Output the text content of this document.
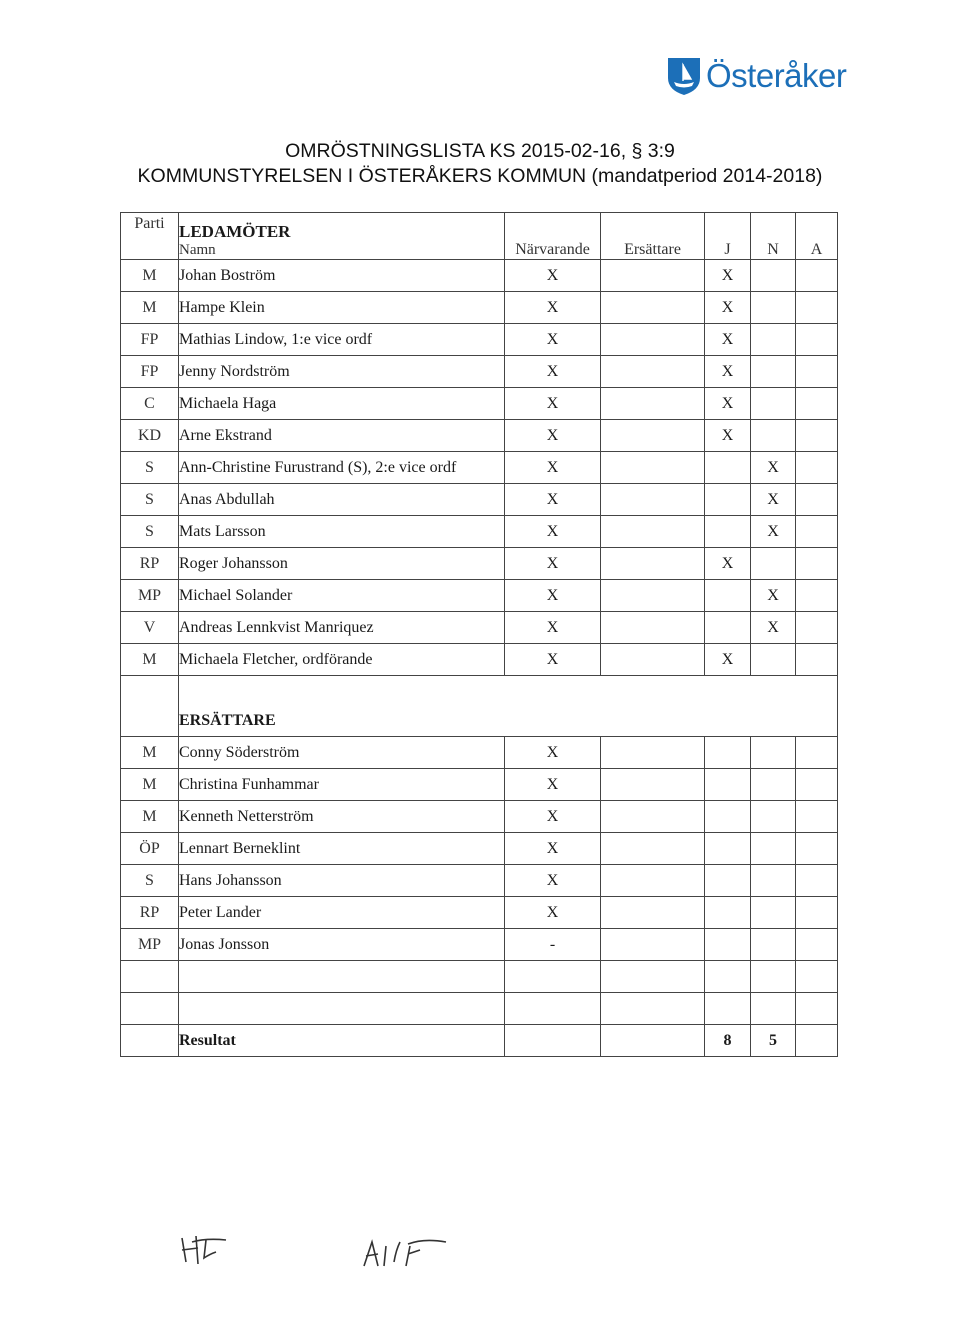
Österåker
OMRÖSTNINGSLISTA KS 2015-02-16, § 3:9
KOMMUNSTYRELSEN I ÖSTERÅKERS KOMMUN (mandatperiod 2014-2018)
Parti	LEDAMÖTER
Namn	Närvarande	Ersättare	J	N	A
M	Johan Boström	X		X		
M	Hampe Klein	X		X		
FP	Mathias Lindow, 1:e vice ordf	X		X		
FP	Jenny Nordström	X		X		
C	Michaela Haga	X		X		
KD	Arne Ekstrand	X		X		
S	Ann-Christine Furustrand (S), 2:e vice ordf	X			X	
S	Anas Abdullah	X			X	
S	Mats Larsson	X			X	
RP	Roger Johansson	X		X		
MP	Michael Solander	X			X	
V	Andreas Lennkvist Manriquez	X			X	
M	Michaela Fletcher, ordförande	X		X		
	ERSÄTTARE					
M	Conny Söderström	X				
M	Christina Funhammar	X				
M	Kenneth Netterström	X				
ÖP	Lennart Berneklint	X				
S	Hans Johansson	X				
RP	Peter Lander	X				
MP	Jonas Jonsson	-				

	Resultat			8	5	
